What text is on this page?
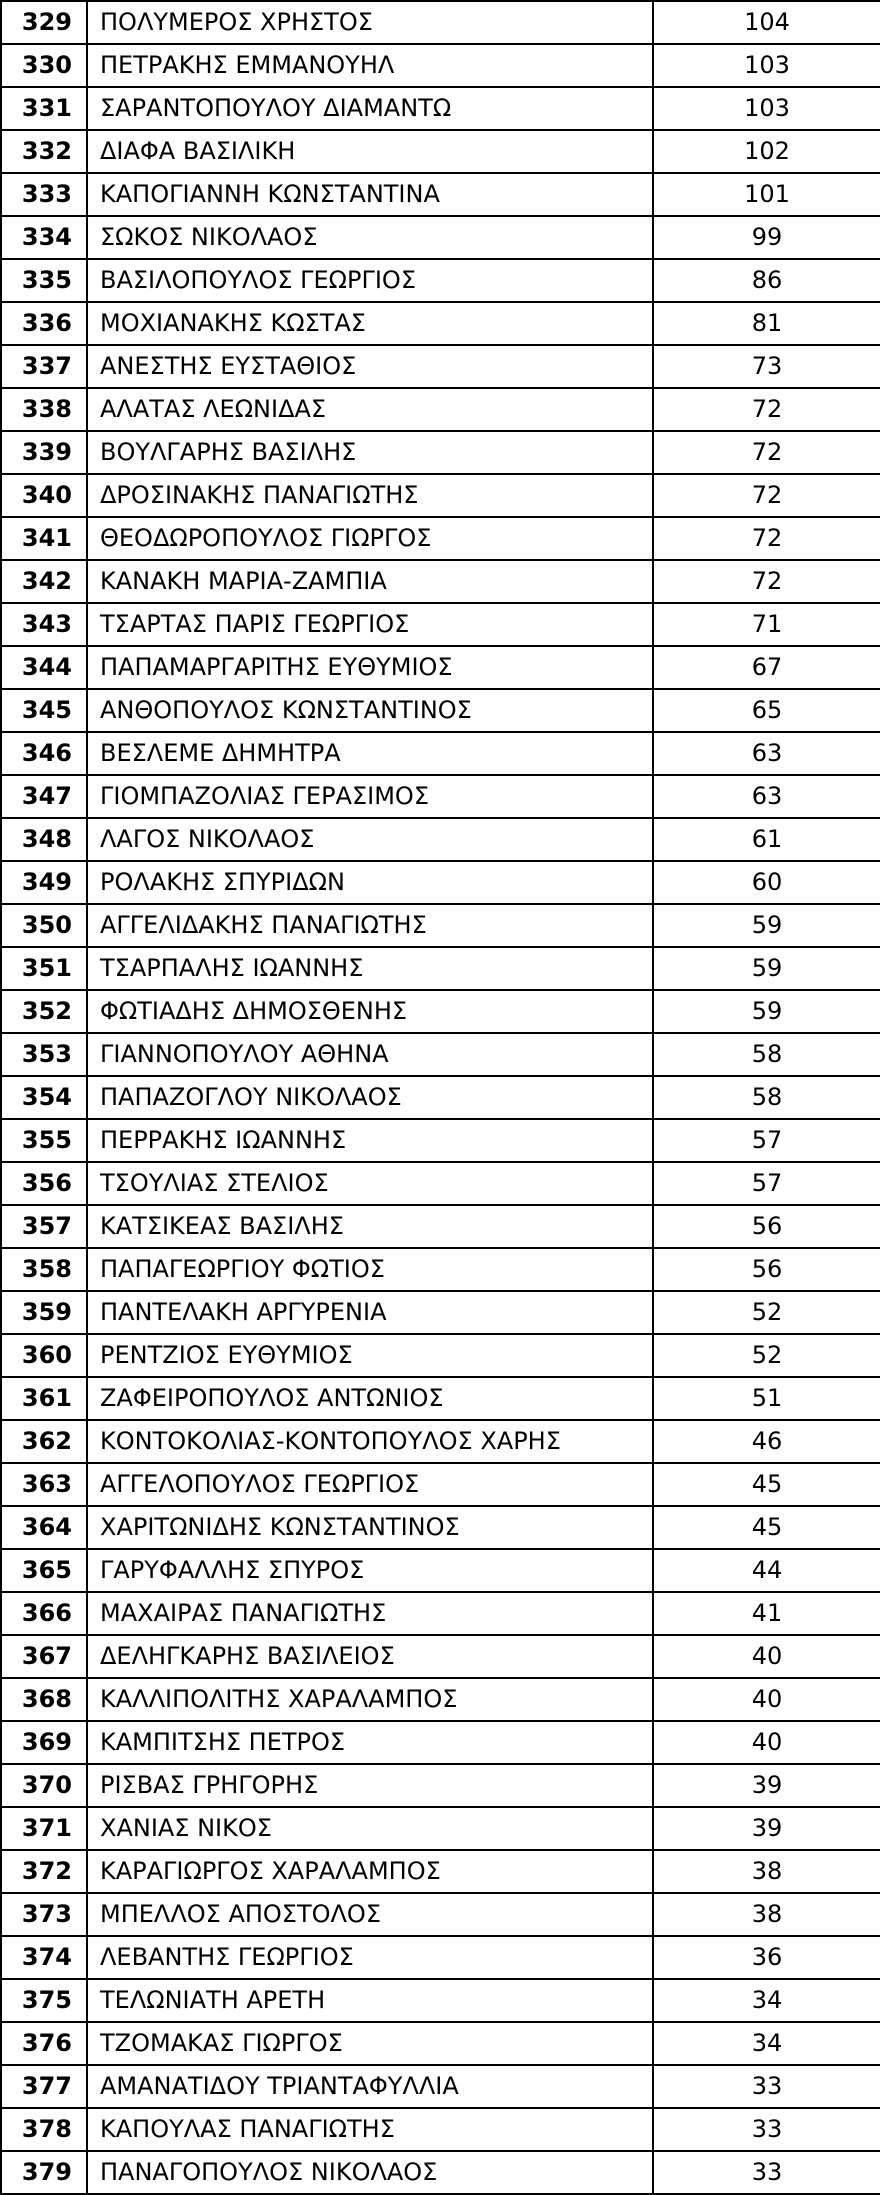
329	ΠΟΛΥΜΕΡΟΣ ΧΡΗΣΤΟΣ	104
330	ΠΕΤΡΑΚΗΣ ΕΜΜΑΝΟΥΗΛ	103
331	ΣΑΡΑΝΤΟΠΟΥΛΟΥ ΔΙΑΜΑΝΤΩ	103
332	ΔΙΑΦΑ ΒΑΣΙΛΙΚΗ	102
333	ΚΑΠΟΓΙΑΝΝΗ ΚΩΝΣΤΑΝΤΙΝΑ	101
334	ΣΩΚΟΣ ΝΙΚΟΛΑΟΣ	99
335	ΒΑΣΙΛΟΠΟΥΛΟΣ ΓΕΩΡΓΙΟΣ	86
336	ΜΟΧΙΑΝΑΚΗΣ ΚΩΣΤΑΣ	81
337	ΑΝΕΣΤΗΣ ΕΥΣΤΑΘΙΟΣ	73
338	ΑΛΑΤΑΣ ΛΕΩΝΙΔΑΣ	72
339	ΒΟΥΛΓΑΡΗΣ ΒΑΣΙΛΗΣ	72
340	ΔΡΟΣΙΝΑΚΗΣ ΠΑΝΑΓΙΩΤΗΣ	72
341	ΘΕΟΔΩΡΟΠΟΥΛΟΣ ΓΙΩΡΓΟΣ	72
342	ΚΑΝΑΚΗ ΜΑΡΙΑ-ΖΑΜΠΙΑ	72
343	ΤΣΑΡΤΑΣ ΠΑΡΙΣ ΓΕΩΡΓΙΟΣ	71
344	ΠΑΠΑΜΑΡΓΑΡΙΤΗΣ ΕΥΘΥΜΙΟΣ	67
345	ΑΝΘΟΠΟΥΛΟΣ ΚΩΝΣΤΑΝΤΙΝΟΣ	65
346	ΒΕΣΛΕΜΕ ΔΗΜΗΤΡΑ	63
347	ΓΙΟΜΠΑΖΟΛΙΑΣ ΓΕΡΑΣΙΜΟΣ	63
348	ΛΑΓΟΣ ΝΙΚΟΛΑΟΣ	61
349	ΡΟΛΑΚΗΣ ΣΠΥΡΙΔΩΝ	60
350	ΑΓΓΕΛΙΔΑΚΗΣ ΠΑΝΑΓΙΩΤΗΣ	59
351	ΤΣΑΡΠΑΛΗΣ ΙΩΑΝΝΗΣ	59
352	ΦΩΤΙΑΔΗΣ ΔΗΜΟΣΘΕΝΗΣ	59
353	ΓΙΑΝΝΟΠΟΥΛΟΥ ΑΘΗΝΑ	58
354	ΠΑΠΑΖΟΓΛΟΥ ΝΙΚΟΛΑΟΣ	58
355	ΠΕΡΡΑΚΗΣ ΙΩΑΝΝΗΣ	57
356	ΤΣΟΥΛΙΑΣ ΣΤΕΛΙΟΣ	57
357	ΚΑΤΣΙΚΕΑΣ ΒΑΣΙΛΗΣ	56
358	ΠΑΠΑΓΕΩΡΓΙΟΥ ΦΩΤΙΟΣ	56
359	ΠΑΝΤΕΛΑΚΗ ΑΡΓΥΡΕΝΙΑ	52
360	ΡΕΝΤΖΙΟΣ ΕΥΘΥΜΙΟΣ	52
361	ΖΑΦΕΙΡΟΠΟΥΛΟΣ ΑΝΤΩΝΙΟΣ	51
362	ΚΟΝΤΟΚΟΛΙΑΣ-ΚΟΝΤΟΠΟΥΛΟΣ ΧΑΡΗΣ	46
363	ΑΓΓΕΛΟΠΟΥΛΟΣ ΓΕΩΡΓΙΟΣ	45
364	ΧΑΡΙΤΩΝΙΔΗΣ ΚΩΝΣΤΑΝΤΙΝΟΣ	45
365	ΓΑΡΥΦΑΛΛΗΣ ΣΠΥΡΟΣ	44
366	ΜΑΧΑΙΡΑΣ ΠΑΝΑΓΙΩΤΗΣ	41
367	ΔΕΛΗΓΚΑΡΗΣ ΒΑΣΙΛΕΙΟΣ	40
368	ΚΑΛΛΙΠΟΛΙΤΗΣ ΧΑΡΑΛΑΜΠΟΣ	40
369	ΚΑΜΠΙΤΣΗΣ ΠΕΤΡΟΣ	40
370	ΡΙΣΒΑΣ ΓΡΗΓΟΡΗΣ	39
371	ΧΑΝΙΑΣ ΝΙΚΟΣ	39
372	ΚΑΡΑΓΙΩΡΓΟΣ ΧΑΡΑΛΑΜΠΟΣ	38
373	ΜΠΕΛΛΟΣ ΑΠΟΣΤΟΛΟΣ	38
374	ΛΕΒΑΝΤΗΣ ΓΕΩΡΓΙΟΣ	36
375	ΤΕΛΩΝΙΑΤΗ ΑΡΕΤΗ	34
376	ΤΖΟΜΑΚΑΣ ΓΙΩΡΓΟΣ	34
377	ΑΜΑΝΑΤΙΔΟΥ ΤΡΙΑΝΤΑΦΥΛΛΙΑ	33
378	ΚΑΠΟΥΛΑΣ ΠΑΝΑΓΙΩΤΗΣ	33
379	ΠΑΝΑΓΟΠΟΥΛΟΣ ΝΙΚΟΛΑΟΣ	33
